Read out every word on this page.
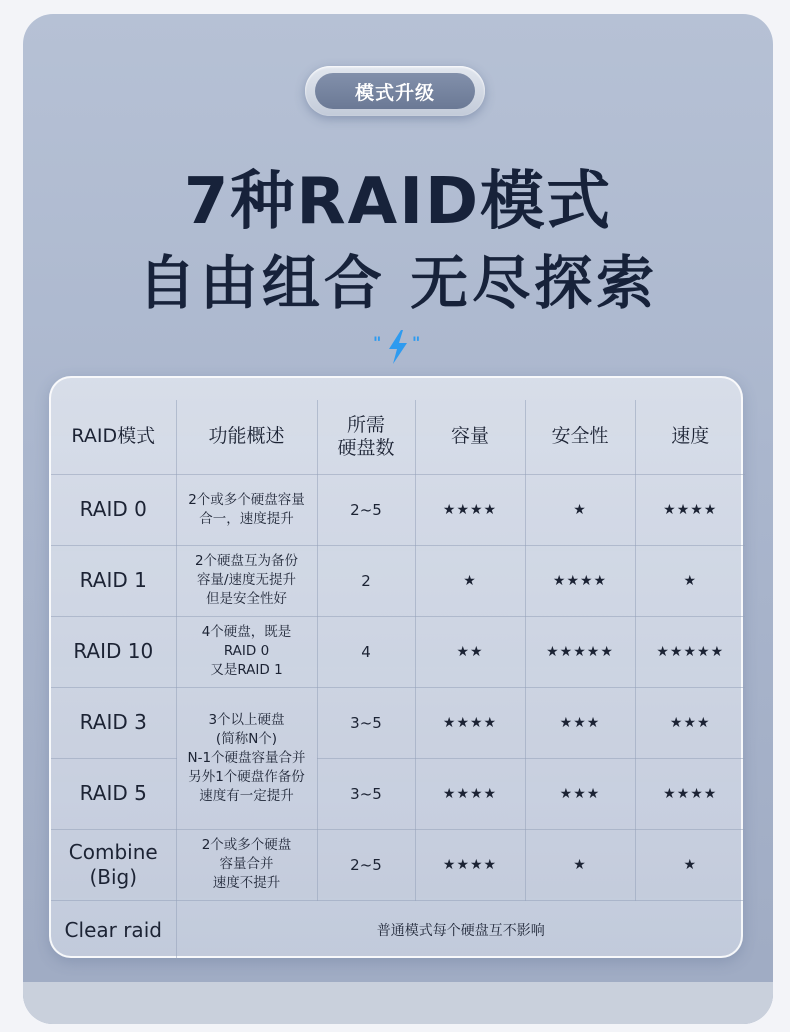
模式升级
7种RAID模式
自由组合 无尽探索
" "
RAID模式	功能概述	所需
硬盘数	容量	安全性	速度
RAID 0	2个或多个硬盘容量
合一，速度提升	2~5	★★★★	★	★★★★
RAID 1	2个硬盘互为备份
容量/速度无提升
但是安全性好	2	★	★★★★	★
RAID 10	4个硬盘，既是
RAID 0
又是RAID 1	4	★★	★★★★★	★★★★★
RAID 3	3个以上硬盘
(简称N个)
N-1个硬盘容量合并
另外1个硬盘作备份
速度有一定提升	3~5	★★★★	★★★	★★★
RAID 5		3~5	★★★★	★★★	★★★★
Combine
(Big)	2个或多个硬盘
容量合并
速度不提升	2~5	★★★★	★	★
Clear raid	普通模式每个硬盘互不影响				
